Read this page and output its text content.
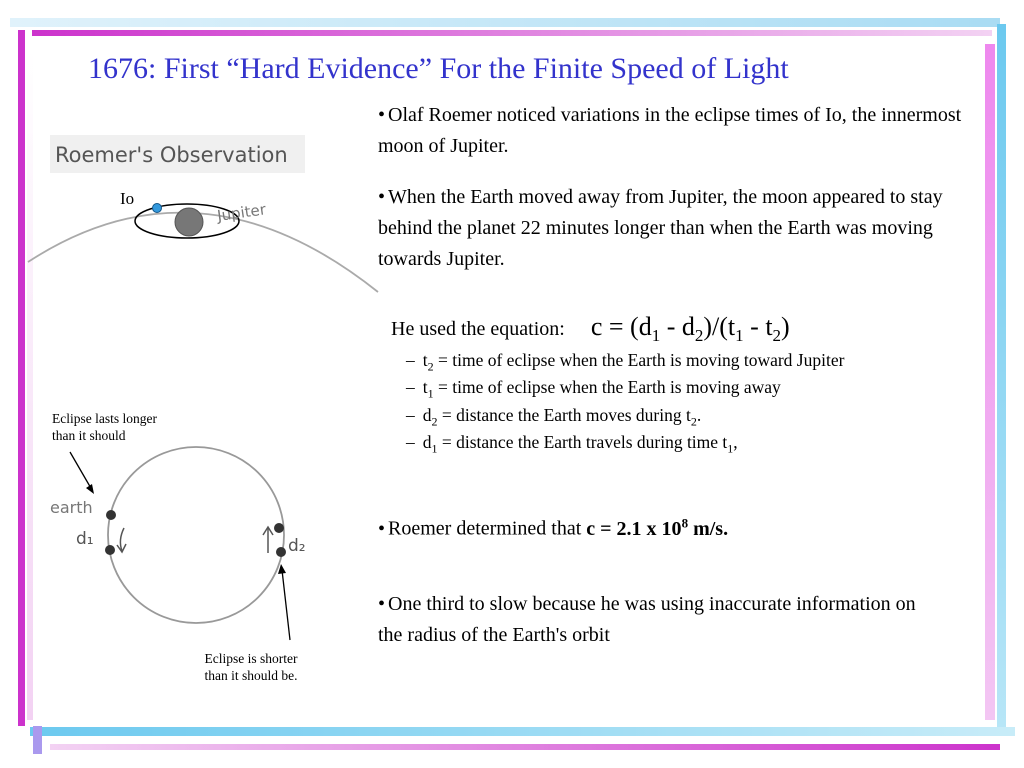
1676: First “Hard Evidence” For the Finite Speed of Light
Roemer's Observation
Io
Jupiter
earth
d₁	d₂
Eclipse lasts longer
than it should
Eclipse is shorter
than it should be.
• Olaf Roemer noticed variations in the eclipse times of Io, the innermost moon of Jupiter.
• When the Earth moved away from Jupiter, the moon appeared to stay behind the planet 22 minutes longer than when the Earth was moving towards Jupiter.
He used the equation: $c = (d_1 - d_2)/(t_1 - t_2)$
– $t_2$ = time of eclipse when the Earth is moving toward Jupiter
– $t_1$ = time of eclipse when the Earth is moving away
– $d_2$ = distance the Earth moves during $t_2$.
– $d_1$ = distance the Earth travels during time $t_1$,
• Roemer determined that c = 2.1 x $10^8$ m/s.
• One third to slow because he was using inaccurate information on the radius of the Earth's orbit
